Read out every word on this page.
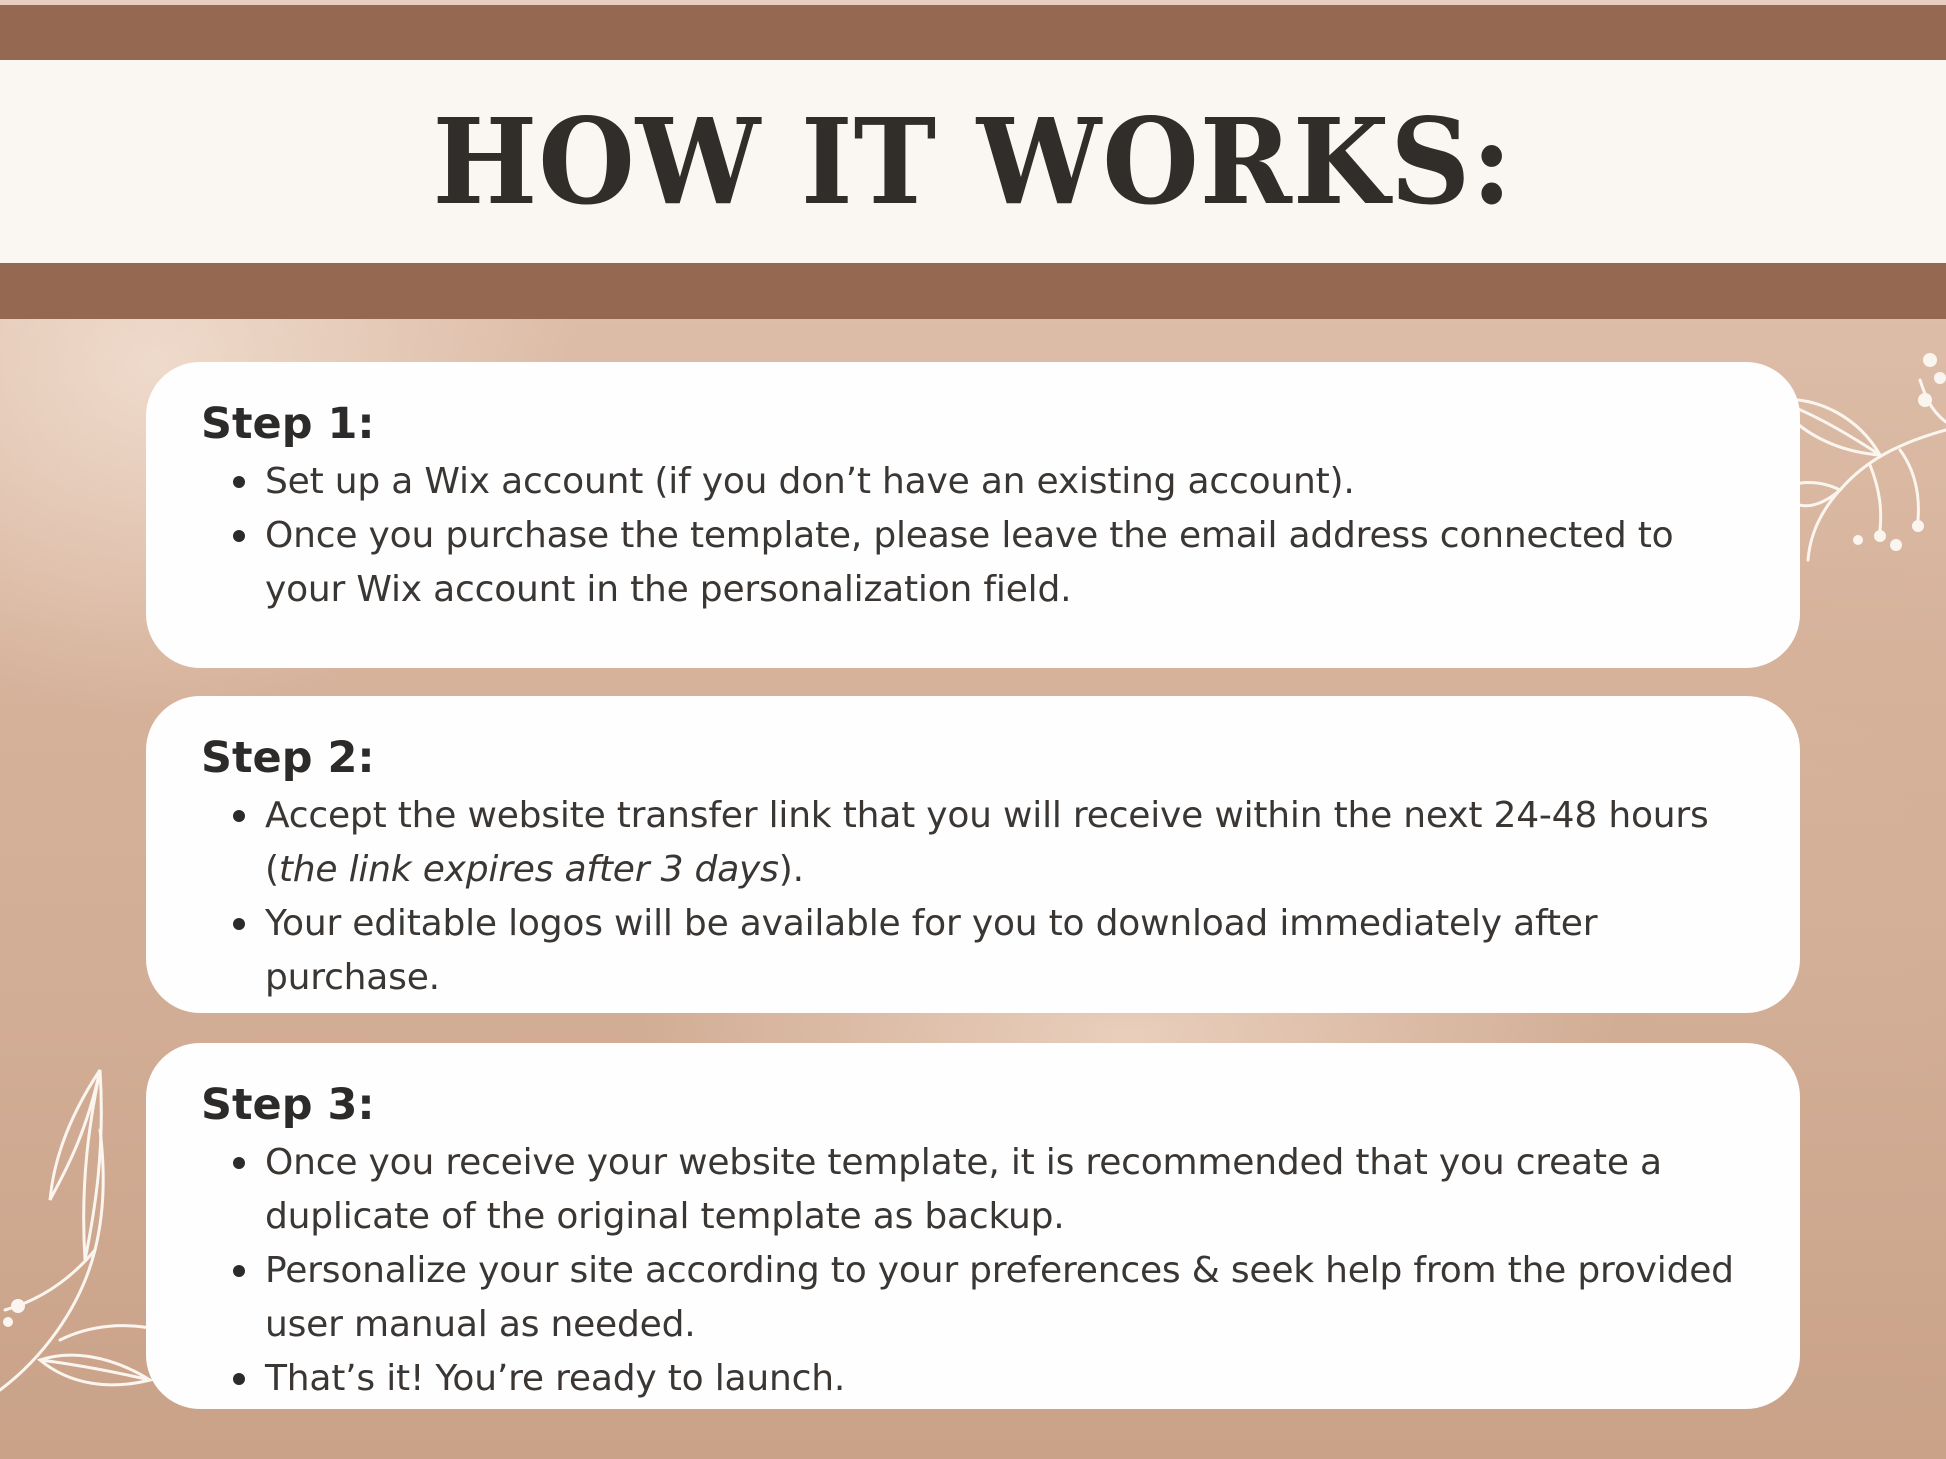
HOW IT WORKS:
Step 1:
Set up a Wix account (if you don’t have an existing account).
Once you purchase the template, please leave the email address connected to your Wix account in the personalization field.
Step 2:
Accept the website transfer link that you will receive within the next 24-48 hours (the link expires after 3 days).
Your editable logos will be available for you to download immediately after purchase.
Step 3:
Once you receive your website template, it is recommended that you create a duplicate of the original template as backup.
Personalize your site according to your preferences & seek help from the provided user manual as needed.
That’s it! You’re ready to launch.
